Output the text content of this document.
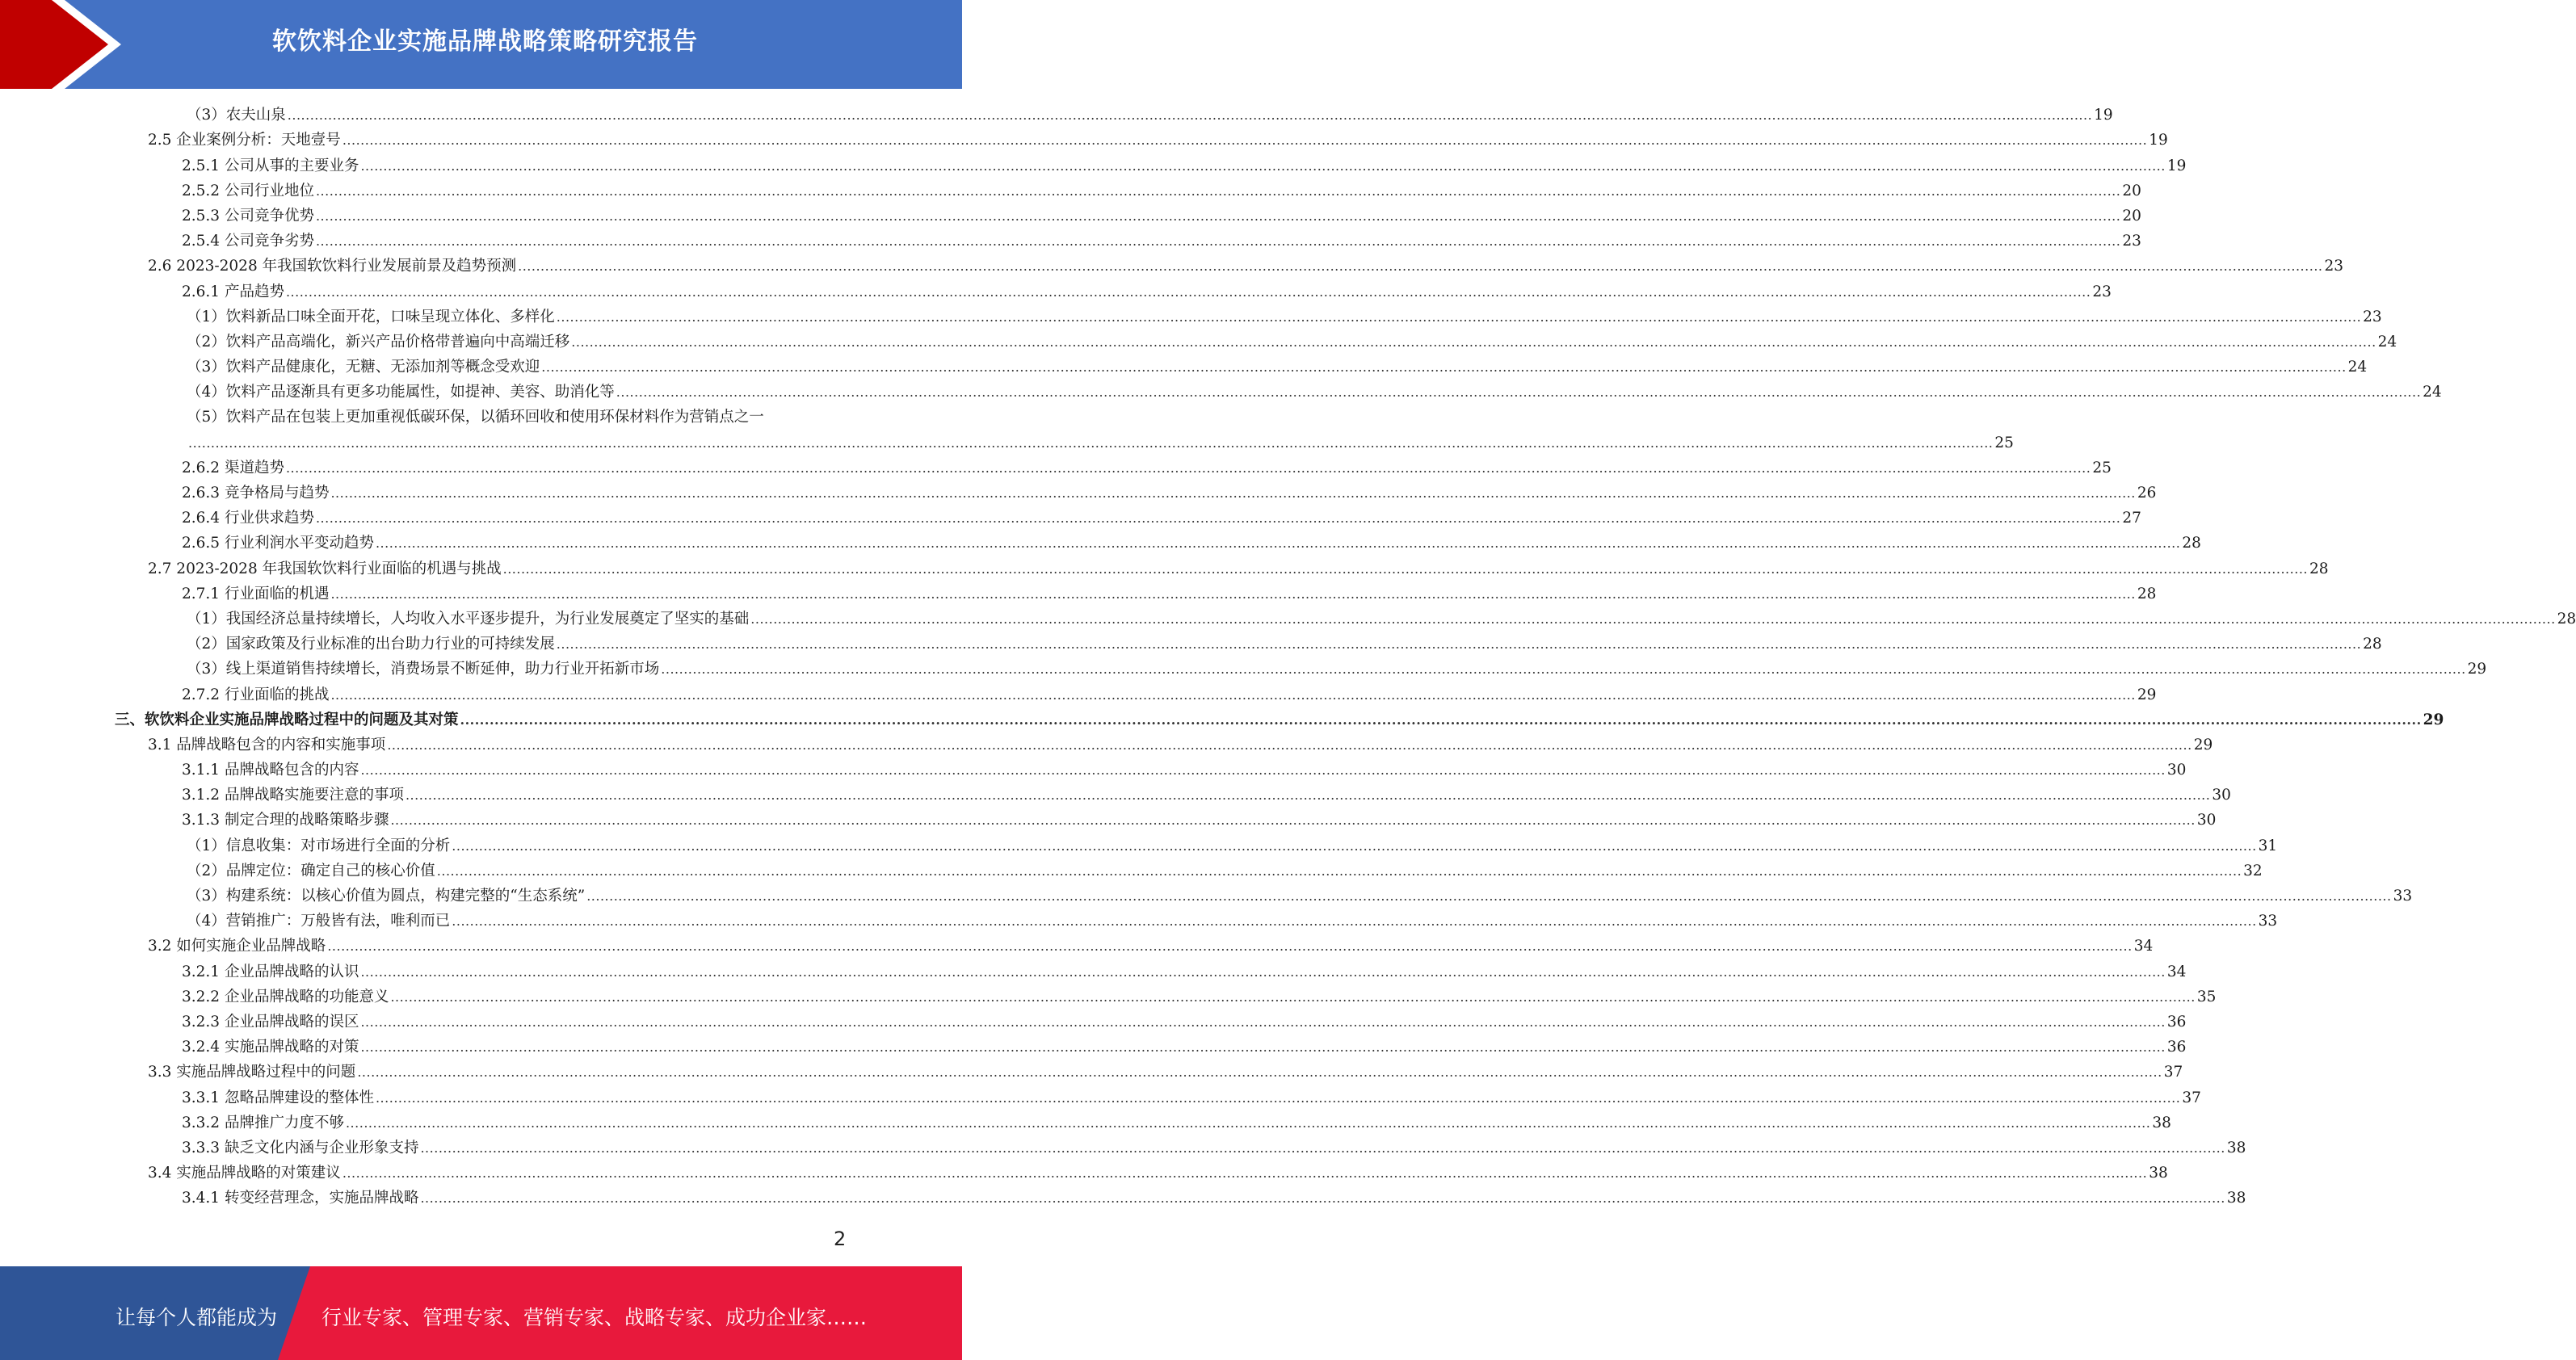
软饮料企业实施品牌战略策略研究报告
（3）农夫山泉 ................................................................................................................................................................................................................................................................................................................................................................................................................ 19
2.5 企业案例分析：天地壹号 ................................................................................................................................................................................................................................................................................................................................................................................................................ 19
2.5.1 公司从事的主要业务 ................................................................................................................................................................................................................................................................................................................................................................................................................ 19
2.5.2 公司行业地位 ................................................................................................................................................................................................................................................................................................................................................................................................................ 20
2.5.3 公司竞争优势 ................................................................................................................................................................................................................................................................................................................................................................................................................ 20
2.5.4 公司竞争劣势 ................................................................................................................................................................................................................................................................................................................................................................................................................ 23
2.6 2023-2028 年我国软饮料行业发展前景及趋势预测 ................................................................................................................................................................................................................................................................................................................................................................................................................ 23
2.6.1 产品趋势 ................................................................................................................................................................................................................................................................................................................................................................................................................ 23
（1）饮料新品口味全面开花，口味呈现立体化、多样化 ................................................................................................................................................................................................................................................................................................................................................................................................................ 23
（2）饮料产品高端化，新兴产品价格带普遍向中高端迁移 ................................................................................................................................................................................................................................................................................................................................................................................................................ 24
（3）饮料产品健康化，无糖、无添加剂等概念受欢迎 ................................................................................................................................................................................................................................................................................................................................................................................................................ 24
（4）饮料产品逐渐具有更多功能属性，如提神、美容、助消化等 ................................................................................................................................................................................................................................................................................................................................................................................................................ 24
（5）饮料产品在包装上更加重视低碳环保，以循环回收和使用环保材料作为营销点之一
................................................................................................................................................................................................................................................................................................................................................................................................................ 25
2.6.2 渠道趋势 ................................................................................................................................................................................................................................................................................................................................................................................................................ 25
2.6.3 竞争格局与趋势 ................................................................................................................................................................................................................................................................................................................................................................................................................ 26
2.6.4 行业供求趋势 ................................................................................................................................................................................................................................................................................................................................................................................................................ 27
2.6.5 行业利润水平变动趋势 ................................................................................................................................................................................................................................................................................................................................................................................................................ 28
2.7 2023-2028 年我国软饮料行业面临的机遇与挑战 ................................................................................................................................................................................................................................................................................................................................................................................................................ 28
2.7.1 行业面临的机遇 ................................................................................................................................................................................................................................................................................................................................................................................................................ 28
（1）我国经济总量持续增长，人均收入水平逐步提升，为行业发展奠定了坚实的基础 ................................................................................................................................................................................................................................................................................................................................................................................................................ 28
（2）国家政策及行业标准的出台助力行业的可持续发展 ................................................................................................................................................................................................................................................................................................................................................................................................................ 28
（3）线上渠道销售持续增长，消费场景不断延伸，助力行业开拓新市场 ................................................................................................................................................................................................................................................................................................................................................................................................................ 29
2.7.2 行业面临的挑战 ................................................................................................................................................................................................................................................................................................................................................................................................................ 29
三、软饮料企业实施品牌战略过程中的问题及其对策 ................................................................................................................................................................................................................................................................................................................................................................................................................ 29
3.1 品牌战略包含的内容和实施事项 ................................................................................................................................................................................................................................................................................................................................................................................................................ 29
3.1.1 品牌战略包含的内容 ................................................................................................................................................................................................................................................................................................................................................................................................................ 30
3.1.2 品牌战略实施要注意的事项 ................................................................................................................................................................................................................................................................................................................................................................................................................ 30
3.1.3 制定合理的战略策略步骤 ................................................................................................................................................................................................................................................................................................................................................................................................................ 30
（1）信息收集：对市场进行全面的分析 ................................................................................................................................................................................................................................................................................................................................................................................................................ 31
（2）品牌定位：确定自己的核心价值 ................................................................................................................................................................................................................................................................................................................................................................................................................ 32
（3）构建系统：以核心价值为圆点，构建完整的“生态系统” ................................................................................................................................................................................................................................................................................................................................................................................................................ 33
（4）营销推广：万般皆有法，唯利而已 ................................................................................................................................................................................................................................................................................................................................................................................................................ 33
3.2 如何实施企业品牌战略 ................................................................................................................................................................................................................................................................................................................................................................................................................ 34
3.2.1 企业品牌战略的认识 ................................................................................................................................................................................................................................................................................................................................................................................................................ 34
3.2.2 企业品牌战略的功能意义 ................................................................................................................................................................................................................................................................................................................................................................................................................ 35
3.2.3 企业品牌战略的误区 ................................................................................................................................................................................................................................................................................................................................................................................................................ 36
3.2.4 实施品牌战略的对策 ................................................................................................................................................................................................................................................................................................................................................................................................................ 36
3.3 实施品牌战略过程中的问题 ................................................................................................................................................................................................................................................................................................................................................................................................................ 37
3.3.1 忽略品牌建设的整体性 ................................................................................................................................................................................................................................................................................................................................................................................................................ 37
3.3.2 品牌推广力度不够 ................................................................................................................................................................................................................................................................................................................................................................................................................ 38
3.3.3 缺乏文化内涵与企业形象支持 ................................................................................................................................................................................................................................................................................................................................................................................................................ 38
3.4 实施品牌战略的对策建议 ................................................................................................................................................................................................................................................................................................................................................................................................................ 38
3.4.1 转变经营理念，实施品牌战略 ................................................................................................................................................................................................................................................................................................................................................................................................................ 38
2
让每个人都能成为 行业专家、管理专家、营销专家、战略专家、成功企业家……
